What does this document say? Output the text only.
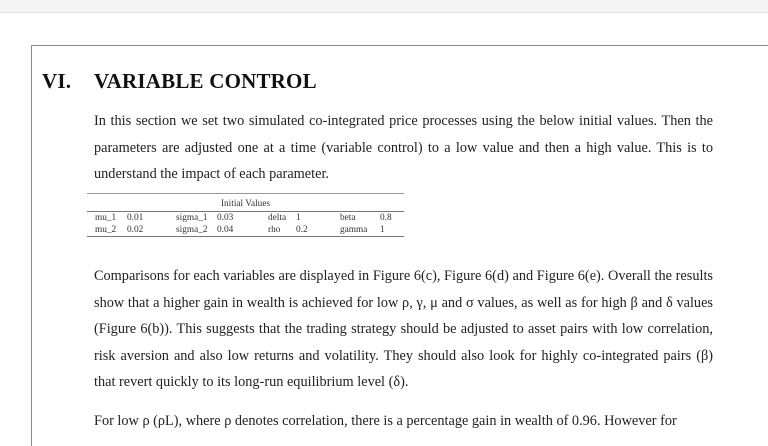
VI. VARIABLE CONTROL

In this section we set two simulated co-integrated price processes using the below initial values. Then the parameters are adjusted one at a time (variable control) to a low value and then a high value. This is to understand the impact of each parameter.

Initial Values
mu_1 0.01	sigma_1 0.03	delta 1	beta	0.8
mu_2 0.02	sigma_2 0.04	rho 0.2	gamma 1

Comparisons for each variables are displayed in Figure 6(c), Figure 6(d) and Figure 6(e). Overall the results show that a higher gain in wealth is achieved for low ρ, γ, μ and σ values, as well as for high β and δ values (Figure 6(b)). This suggests that the trading strategy should be adjusted to asset pairs with low correlation, risk aversion and also low returns and volatility. They should also look for highly co-integrated pairs (β) that revert quickly to its long-run equilibrium level (δ).

For low ρ (ρL), where ρ denotes correlation, there is a percentage gain in wealth of 0.96. However for
